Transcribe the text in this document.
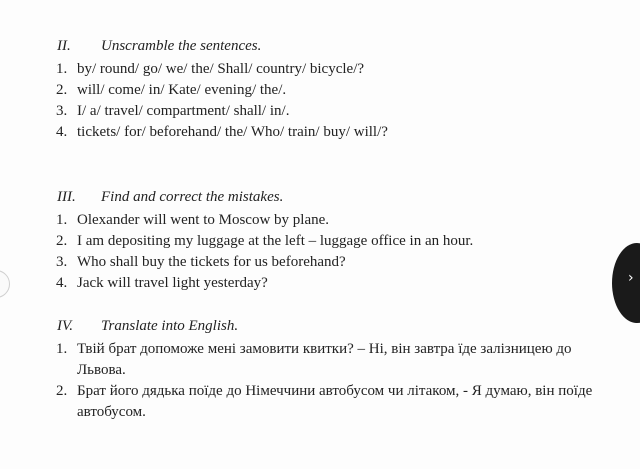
II. Unscramble the sentences.
1. by/ round/ go/ we/ the/ Shall/ country/ bicycle/?
2. will/ come/ in/ Kate/ evening/ the/.
3. I/ a/ travel/ compartment/ shall/ in/.
4. tickets/ for/ beforehand/ the/ Who/ train/ buy/ will/?
III. Find and correct the mistakes.
1. Olexander will went to Moscow by plane.
2. I am depositing my luggage at the left – luggage office in an hour.
3. Who shall buy the tickets for us beforehand?
4. Jack will travel light yesterday?
IV. Translate into English.
1. Твій брат допоможе мені замовити квитки? – Ні, він завтра їде залізницею до Львова.
2. Брат його дядька поїде до Німеччини автобусом чи літаком, - Я думаю, він поїде автобусом.
›
